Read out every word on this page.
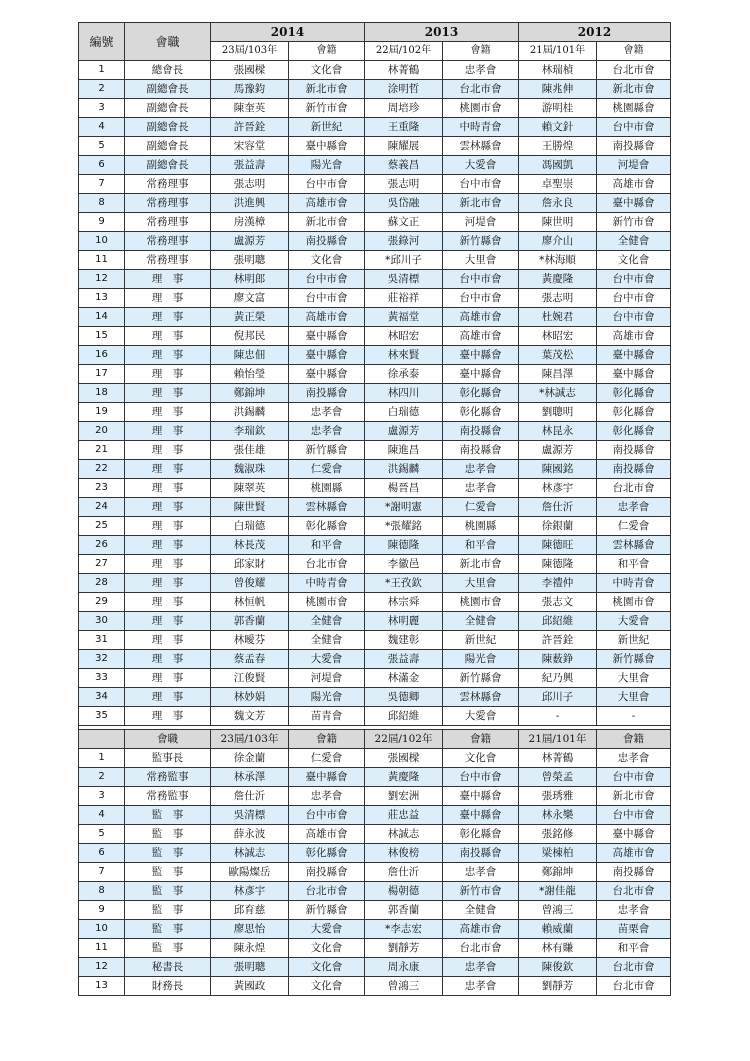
編號	會職	2014		2013		2012	
		23屆/103年	會籍	22屆/102年	會籍	21屆/101年	會籍
1	總會長	張國樑	文化會	林菁鶴	忠孝會	林瑞楨	台北市會
2	副總會長	馬豫鈞	新北市會	涂明哲	台北市會	陳兆伸	新北市會
3	副總會長	陳奎英	新竹市會	周培珍	桃園市會	游明桂	桃園縣會
4	副總會長	許晉銓	新世紀	王重隆	中時青會	賴文針	台中市會
5	副總會長	宋容堂	臺中縣會	陳耀展	雲林縣會	王勝煌	南投縣會
6	副總會長	張益壽	陽光會	蔡義昌	大愛會	馮國凱	河堤會
7	常務理事	張志明	台中市會	張志明	台中市會	卓聖崇	高雄市會
8	常務理事	洪進興	高雄市會	吳岱融	新北市會	詹永良	臺中縣會
9	常務理事	房漢樟	新北市會	蘇文正	河堤會	陳世明	新竹市會
10	常務理事	盧源芳	南投縣會	張錄河	新竹縣會	廖介山	全健會
11	常務理事	張明聰	文化會	*邱川子	大里會	*林海順	文化會
12	理　事	林明郎	台中市會	吳清標	台中市會	黃慶隆	台中市會
13	理　事	廖文富	台中市會	莊裕祥	台中市會	張志明	台中市會
14	理　事	黃正榮	高雄市會	黃福堂	高雄市會	杜婉君	台中市會
15	理　事	倪邦民	臺中縣會	林昭宏	高雄市會	林昭宏	高雄市會
16	理　事	陳忠佃	臺中縣會	林來賢	臺中縣會	葉茂松	臺中縣會
17	理　事	賴怡瑩	臺中縣會	徐承泰	臺中縣會	陳昌澤	臺中縣會
18	理　事	鄭錦坤	南投縣會	林四川	彰化縣會	*林誠志	彰化縣會
19	理　事	洪錫麟	忠孝會	白瑞德	彰化縣會	劉聰明	彰化縣會
20	理　事	李瑞欽	忠孝會	盧源芳	南投縣會	林昆永	彰化縣會
21	理　事	張佳雄	新竹縣會	陳進昌	南投縣會	盧源芳	南投縣會
22	理　事	魏淑珠	仁愛會	洪錫麟	忠孝會	陳國銘	南投縣會
23	理　事	陳翠英	桃園縣	楊晉昌	忠孝會	林彥宇	台北市會
24	理　事	陳世賢	雲林縣會	*謝明憲	仁愛會	詹仕沂	忠孝會
25	理　事	白瑞德	彰化縣會	*張耀銘	桃園縣	徐銀蘭	仁愛會
26	理　事	林長茂	和平會	陳德隆	和平會	陳德旺	雲林縣會
27	理　事	邱家財	台北市會	李徽邑	新北市會	陳德隆	和平會
28	理　事	曾俊耀	中時青會	*王孜欽	大里會	李禮仲	中時青會
29	理　事	林恒帆	桃園市會	林宗舜	桃園市會	張志文	桃園市會
30	理　事	郭香蘭	全健會	林明麗	全健會	邱紹維	大愛會
31	理　事	林曖芬	全健會	魏建彰	新世紀	許晉銓	新世紀
32	理　事	蔡孟春	大愛會	張益壽	陽光會	陳薮錚	新竹縣會
33	理　事	江俊賢	河堤會	林滿金	新竹縣會	紀乃興	大里會
34	理　事	林妙娟	陽光會	吳德卿	雲林縣會	邱川子	大里會
35	理　事	魏文芳	苗青會	邱紹維	大愛會	-	-

	會職	23屆/103年	會籍	22屆/102年	會籍	21屆/101年	會籍
1	監事長	徐金蘭	仁愛會	張國樑	文化會	林菁鶴	忠孝會
2	常務監事	林承澤	臺中縣會	黃慶隆	台中市會	曾榮孟	台中市會
3	常務監事	詹仕沂	忠孝會	劉宏洲	臺中縣會	張琇雅	新北市會
4	監　事	吳清標	台中市會	莊忠益	臺中縣會	林永樂	台中市會
5	監　事	薛永波	高雄市會	林誠志	彰化縣會	張銘修	臺中縣會
6	監　事	林誠志	彰化縣會	林俊榜	南投縣會	梁棟柏	高雄市會
7	監　事	歐陽燦岳	南投縣會	詹仕沂	忠孝會	鄭錦坤	南投縣會
8	監　事	林彥宇	台北市會	楊朝德	新竹市會	*謝佳龍	台北市會
9	監　事	邱育慈	新竹縣會	郭香蘭	全健會	曾鴻三	忠孝會
10	監　事	廖思怡	大愛會	*李志宏	高雄市會	賴威蘭	苗栗會
11	監　事	陳永煌	文化會	劉靜芳	台北市會	林有賺	和平會
12	秘書長	張明聰	文化會	周永康	忠孝會	陳俊欽	台北市會
13	財務長	黃國政	文化會	曾鴻三	忠孝會	劉靜芳	台北市會
